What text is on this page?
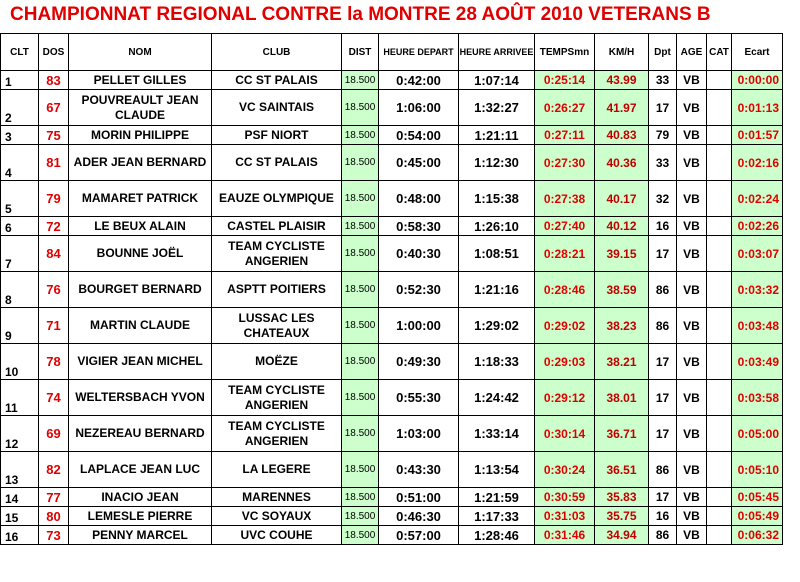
CHAMPIONNAT REGIONAL CONTRE la MONTRE 28 AOÛT 2010 VETERANS B
CLT	DOS	NOM	CLUB	DIST	HEURE DEPART	HEURE ARRIVEE	TEMPSmn	KM/H	Dpt	AGE	CAT	Ecart
1	83	PELLET GILLES	CC ST PALAIS	18.500	0:42:00	1:07:14	0:25:14	43.99	33	VB		0:00:00
2	67	POUVREAULT JEAN CLAUDE	VC SAINTAIS	18.500	1:06:00	1:32:27	0:26:27	41.97	17	VB		0:01:13
3	75	MORIN PHILIPPE	PSF NIORT	18.500	0:54:00	1:21:11	0:27:11	40.83	79	VB		0:01:57
4	81	ADER JEAN BERNARD	CC ST PALAIS	18.500	0:45:00	1:12:30	0:27:30	40.36	33	VB		0:02:16
5	79	MAMARET PATRICK	EAUZE OLYMPIQUE	18.500	0:48:00	1:15:38	0:27:38	40.17	32	VB		0:02:24
6	72	LE BEUX ALAIN	CASTEL PLAISIR	18.500	0:58:30	1:26:10	0:27:40	40.12	16	VB		0:02:26
7	84	BOUNNE JOËL	TEAM CYCLISTE ANGERIEN	18.500	0:40:30	1:08:51	0:28:21	39.15	17	VB		0:03:07
8	76	BOURGET BERNARD	ASPTT POITIERS	18.500	0:52:30	1:21:16	0:28:46	38.59	86	VB		0:03:32
9	71	MARTIN CLAUDE	LUSSAC LES CHATEAUX	18.500	1:00:00	1:29:02	0:29:02	38.23	86	VB		0:03:48
10	78	VIGIER JEAN MICHEL	MOËZE	18.500	0:49:30	1:18:33	0:29:03	38.21	17	VB		0:03:49
11	74	WELTERSBACH YVON	TEAM CYCLISTE ANGERIEN	18.500	0:55:30	1:24:42	0:29:12	38.01	17	VB		0:03:58
12	69	NEZEREAU BERNARD	TEAM CYCLISTE ANGERIEN	18.500	1:03:00	1:33:14	0:30:14	36.71	17	VB		0:05:00
13	82	LAPLACE JEAN LUC	LA LEGERE	18.500	0:43:30	1:13:54	0:30:24	36.51	86	VB		0:05:10
14	77	INACIO JEAN	MARENNES	18.500	0:51:00	1:21:59	0:30:59	35.83	17	VB		0:05:45
15	80	LEMESLE PIERRE	VC SOYAUX	18.500	0:46:30	1:17:33	0:31:03	35.75	16	VB		0:05:49
16	73	PENNY MARCEL	UVC COUHE	18.500	0:57:00	1:28:46	0:31:46	34.94	86	VB		0:06:32
